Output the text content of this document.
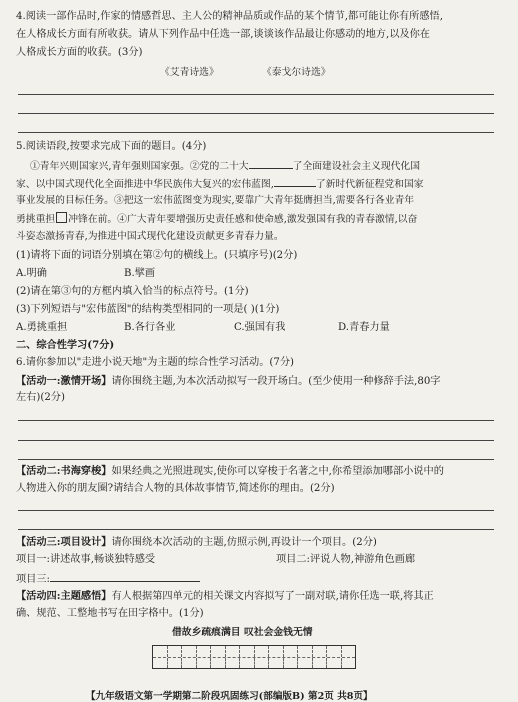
4.阅读一部作品时,作家的情感哲思、主人公的精神品质或作品的某个情节,都可能让你有所感悟,
在人格成长方面有所收获。请从下列作品中任选一部,谈谈该作品最让你感动的地方,以及你在
人格成长方面的收获。(3分)
《艾青诗选》	《泰戈尔诗选》
5.阅读语段,按要求完成下面的题目。(4分)
①青年兴则国家兴,青年强则国家强。②党的二十大	了全面建设社会主义现代化国
家、以中国式现代化全面推进中华民族伟大复兴的宏伟蓝图,	了新时代新征程党和国家
事业发展的目标任务。③把这一宏伟蓝图变为现实,要靠广大青年挺膺担当,需要各行各业青年
勇挑重担 冲锋在前。④广大青年要增强历史责任感和使命感,激发强国有我的青春激情,以奋
斗姿态激扬青春,为推进中国式现代化建设贡献更多青春力量。
(1)请将下面的词语分别填在第②句的横线上。(只填序号)(2分)
A.明确	B.擘画
(2)请在第③句的方框内填入恰当的标点符号。(1分)
(3)下列短语与"宏伟蓝图"的结构类型相同的一项是( )(1分)
A.勇挑重担	B.各行各业	C.强国有我	D.青春力量
二、综合性学习(7分)
6.请你参加以"走进小说天地"为主题的综合性学习活动。(7分)
【活动一:激情开场】请你围绕主题,为本次活动拟写一段开场白。(至少使用一种修辞手法,80字
左右)(2分)
【活动二:书海穿梭】如果经典之光照进现实,使你可以穿梭于名著之中,你希望添加哪部小说中的
人物进入你的朋友圈?请结合人物的具体故事情节,简述你的理由。(2分)
【活动三:项目设计】请你围绕本次活动的主题,仿照示例,再设计一个项目。(2分)
项目一:讲述故事,畅谈独特感受	项目二:评说人物,神游角色画廊
项目三:
【活动四:主题感悟】有人根据第四单元的相关课文内容拟写了一副对联,请你任选一联,将其正
确、规范、工整地书写在田字格中。(1分)
借故乡疏痕满目 叹社会金钱无情
【九年级语文第一学期第二阶段巩固练习(部编版B) 第2页 共8页】
